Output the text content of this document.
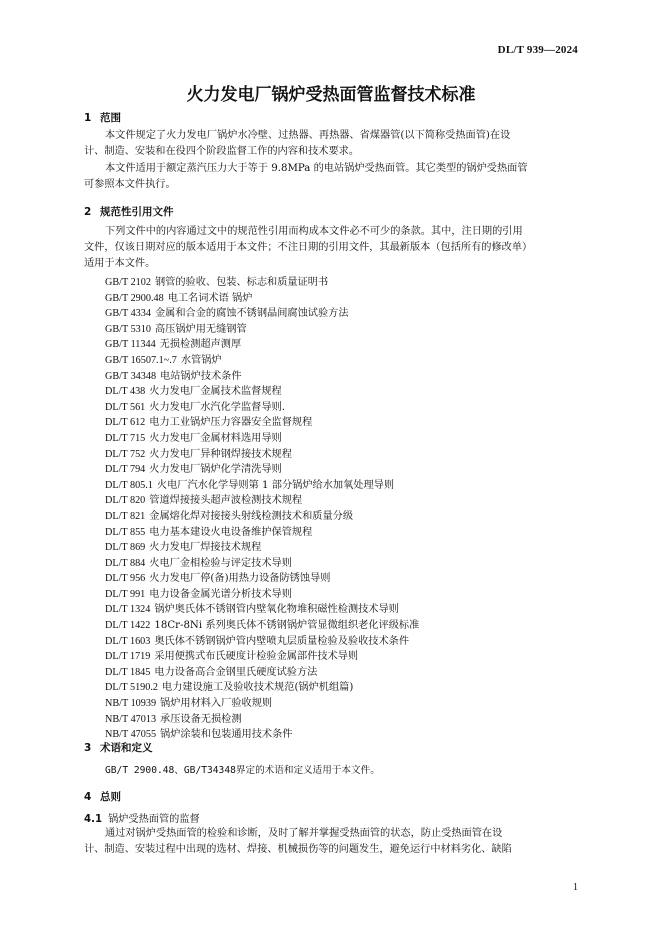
DL/T 939—2024
火力发电厂锅炉受热面管监督技术标准
1 范围
本文件规定了火力发电厂锅炉水冷壁、过热器、再热器、省煤器管(以下简称受热面管)在设
计、制造、安装和在役四个阶段监督工作的内容和技术要求。
本文件适用于额定蒸汽压力大于等于 9.8MPa 的电站锅炉受热面管。其它类型的锅炉受热面管
可参照本文件执行。
2 规范性引用文件
下列文件中的内容通过文中的规范性引用而构成本文件必不可少的条款。其中，注日期的引用
文件，仅该日期对应的版本适用于本文件；不注日期的引用文件，其最新版本（包括所有的修改单）
适用于本文件。
GB/T 2102 钢管的验收、包装、标志和质量证明书
GB/T 2900.48 电工名词术语 锅炉
GB/T 4334 金属和合金的腐蚀不锈钢晶间腐蚀试验方法
GB/T 5310 高压锅炉用无缝钢管
GB/T 11344 无损检测超声测厚
GB/T 16507.1~.7 水管锅炉
GB/T 34348 电站锅炉技术条件
DL/T 438 火力发电厂金属技术监督规程
DL/T 561 火力发电厂水汽化学监督导则.
DL/T 612 电力工业锅炉压力容器安全监督规程
DL/T 715 火力发电厂金属材料选用导则
DL/T 752 火力发电厂异种钢焊接技术规程
DL/T 794 火力发电厂锅炉化学清洗导则
DL/T 805.1 火电厂汽水化学导则第 1 部分锅炉给水加氧处理导则
DL/T 820 管道焊接接头超声波检测技术规程
DL/T 821 金属熔化焊对接接头射线检测技术和质量分级
DL/T 855 电力基本建设火电设备维护保管规程
DL/T 869 火力发电厂焊接技术规程
DL/T 884 火电厂金相检验与评定技术导则
DL/T 956 火力发电厂停(备)用热力设备防锈蚀导则
DL/T 991 电力设备金属光谱分析技术导则
DL/T 1324 锅炉奥氏体不锈钢管内壁氧化物堆积磁性检测技术导则
DL/T 1422 18Cr-8Ni 系列奥氏体不锈钢锅炉管显微组织老化评级标准
DL/T 1603 奥氏体不锈钢锅炉管内壁喷丸层质量检验及验收技术条件
DL/T 1719 采用便携式布氏硬度计检验金属部件技术导则
DL/T 1845 电力设备高合金钢里氏硬度试验方法
DL/T 5190.2 电力建设施工及验收技术规范(锅炉机组篇)
NB/T 10939 锅炉用材料入厂验收规则
NB/T 47013 承压设备无损检测
NB/T 47055 锅炉涂装和包装通用技术条件
3 术语和定义
GB/T 2900.48、GB/T34348界定的术语和定义适用于本文件。
4 总则
4.1 锅炉受热面管的监督
通过对锅炉受热面管的检验和诊断，及时了解并掌握受热面管的状态，防止受热面管在设
计、制造、安装过程中出现的选材、焊接、机械损伤等的问题发生，避免运行中材料劣化、缺陷
1
